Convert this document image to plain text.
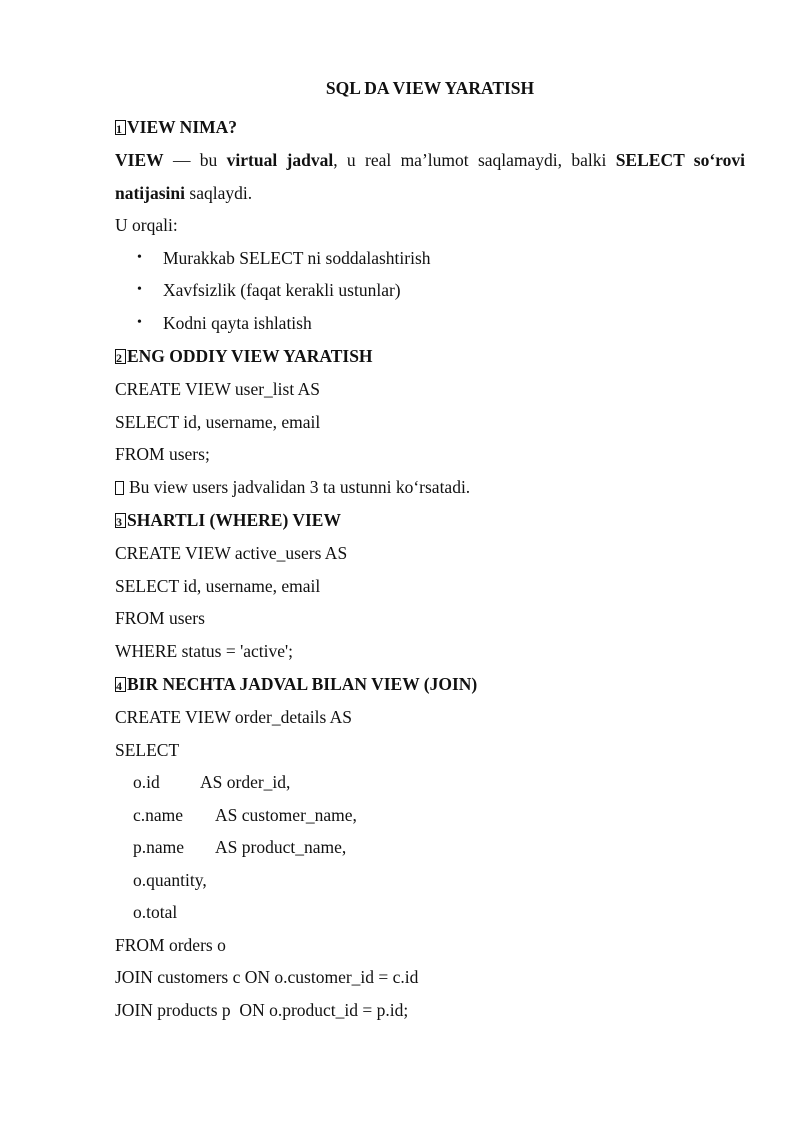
SQL DA VIEW YARATISH
1 VIEW NIMA?
VIEW — bu virtual jadval, u real ma’lumot saqlamaydi, balki SELECT so‘rovi natijasini saqlaydi.
U orqali:
• Murakkab SELECT ni soddalashtirish
• Xavfsizlik (faqat kerakli ustunlar)
• Kodni qayta ishlatish
2 ENG ODDIY VIEW YARATISH
CREATE VIEW user_list AS
SELECT id, username, email
FROM users;
Bu view users jadvalidan 3 ta ustunni ko‘rsatadi.
3 SHARTLI (WHERE) VIEW
CREATE VIEW active_users AS
SELECT id, username, email
FROM users
WHERE status = 'active';
4 BIR NECHTA JADVAL BILAN VIEW (JOIN)
CREATE VIEW order_details AS
SELECT
o.id AS order_id,
c.name AS customer_name,
p.name AS product_name,
o.quantity,
o.total
FROM orders o
JOIN customers c ON o.customer_id = c.id
JOIN products p  ON o.product_id = p.id;
